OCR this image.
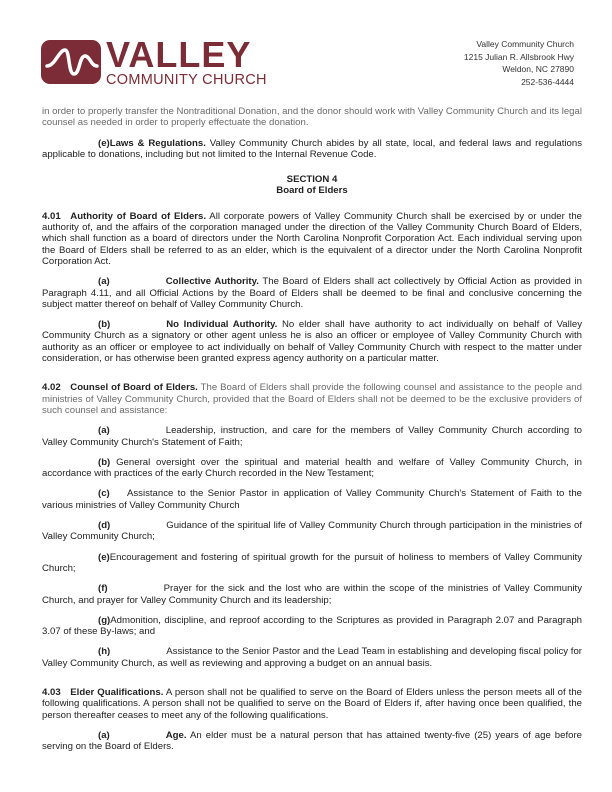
VALLEY
COMMUNITY CHURCH
Valley Community Church
1215 Julian R. Allsbrook Hwy
Weldon, NC 27890
252-536-4444

in order to properly transfer the Nontraditional Donation, and the donor should work with Valley Community Church and its legal counsel as needed in order to properly effectuate the donation.

(e)Laws & Regulations. Valley Community Church abides by all state, local, and federal laws and regulations applicable to donations, including but not limited to the Internal Revenue Code.

SECTION 4

Board of Elders

4.01 Authority of Board of Elders. All corporate powers of Valley Community Church shall be exercised by or under the authority of, and the affairs of the corporation managed under the direction of the Valley Community Church Board of Elders, which shall function as a board of directors under the North Carolina Nonprofit Corporation Act. Each individual serving upon the Board of Elders shall be referred to as an elder, which is the equivalent of a director under the North Carolina Nonprofit Corporation Act.

(a)	Collective Authority. The Board of Elders shall act collectively by Official Action as provided in Paragraph 4.11, and all Official Actions by the Board of Elders shall be deemed to be final and conclusive concerning the subject matter thereof on behalf of Valley Community Church.

(b)	No Individual Authority. No elder shall have authority to act individually on behalf of Valley Community Church as a signatory or other agent unless he is also an officer or employee of Valley Community Church with authority as an officer or employee to act individually on behalf of Valley Community Church with respect to the matter under consideration, or has otherwise been granted express agency authority on a particular matter.

4.02 Counsel of Board of Elders. The Board of Elders shall provide the following counsel and assistance to the people and ministries of Valley Community Church, provided that the Board of Elders shall not be deemed to be the exclusive providers of such counsel and assistance:

(a)	Leadership, instruction, and care for the members of Valley Community Church according to Valley Community Church's Statement of Faith;

(b) General oversight over the spiritual and material health and welfare of Valley Community Church, in accordance with practices of the early Church recorded in the New Testament;

(c) Assistance to the Senior Pastor in application of Valley Community Church's Statement of Faith to the various ministries of Valley Community Church

(d)	Guidance of the spiritual life of Valley Community Church through participation in the ministries of Valley Community Church;

(e)Encouragement and fostering of spiritual growth for the pursuit of holiness to members of Valley Community Church;

(f)	Prayer for the sick and the lost who are within the scope of the ministries of Valley Community Church, and prayer for Valley Community Church and its leadership;

(g)Admonition, discipline, and reproof according to the Scriptures as provided in Paragraph 2.07 and Paragraph 3.07 of these By-laws; and

(h)	Assistance to the Senior Pastor and the Lead Team in establishing and developing fiscal policy for Valley Community Church, as well as reviewing and approving a budget on an annual basis.

4.03 Elder Qualifications. A person shall not be qualified to serve on the Board of Elders unless the person meets all of the following qualifications. A person shall not be qualified to serve on the Board of Elders if, after having once been qualified, the person thereafter ceases to meet any of the following qualifications.

(a)	Age. An elder must be a natural person that has attained twenty-five (25) years of age before serving on the Board of Elders.
